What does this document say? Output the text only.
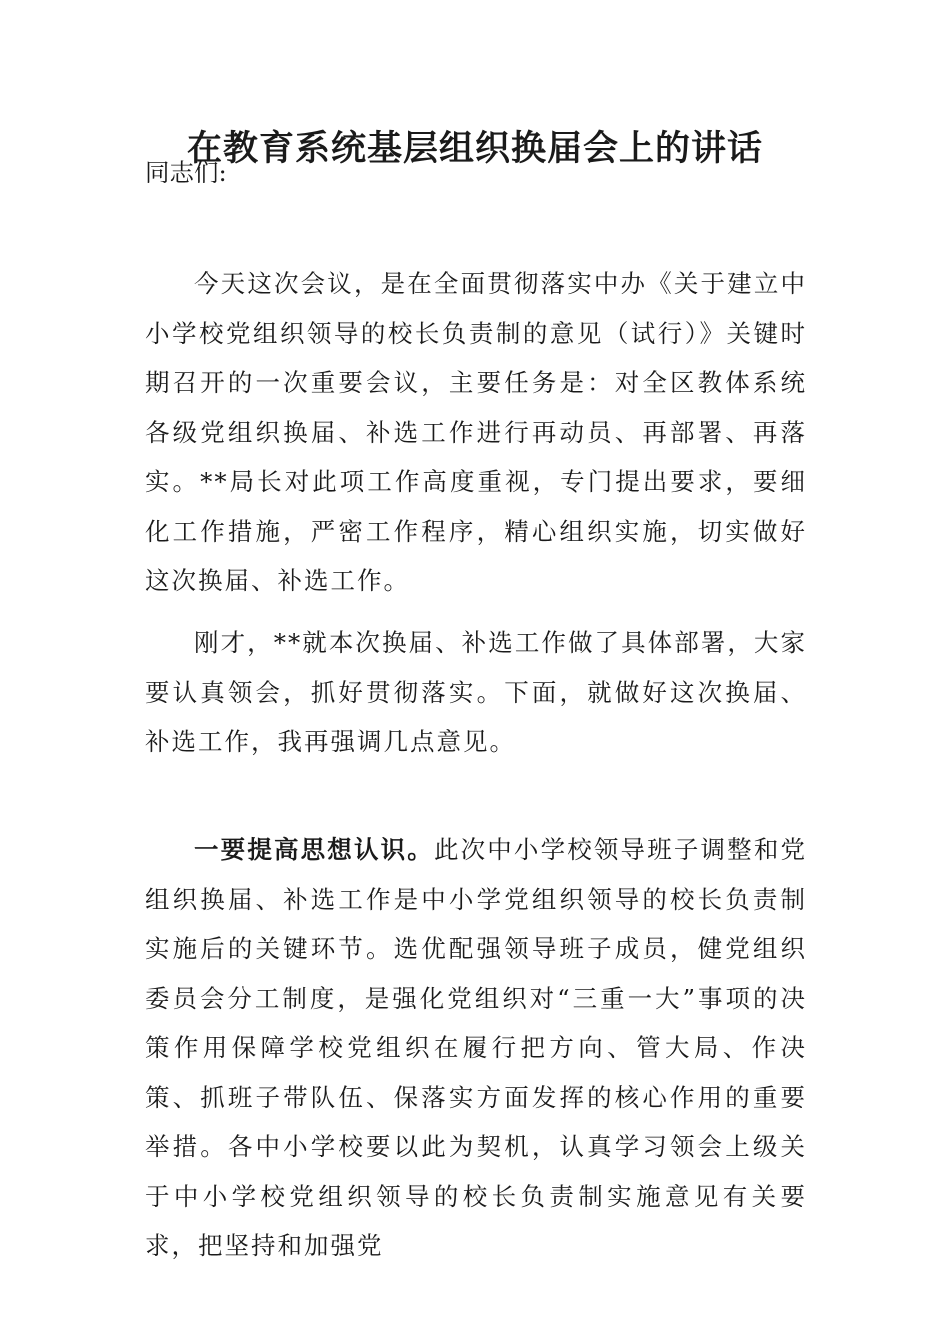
在教育系统基层组织换届会上的讲话

同志们:

今天这次会议，是在全面贯彻落实中办《关于建立中小学校党组织领导的校长负责制的意见（试行）》关键时期召开的一次重要会议，主要任务是：对全区教体系统各级党组织换届、补选工作进行再动员、再部署、再落实。**局长对此项工作高度重视，专门提出要求，要细化工作措施，严密工作程序，精心组织实施，切实做好这次换届、补选工作。

刚才，**就本次换届、补选工作做了具体部署，大家要认真领会，抓好贯彻落实。下面，就做好这次换届、补选工作，我再强调几点意见。

一要提高思想认识。此次中小学校领导班子调整和党组织换届、补选工作是中小学党组织领导的校长负责制实施后的关键环节。选优配强领导班子成员，健党组织委员会分工制度，是强化党组织对“三重一大”事项的决策作用保障学校党组织在履行把方向、管大局、作决策、抓班子带队伍、保落实方面发挥的核心作用的重要举措。各中小学校要以此为契机，认真学习领会上级关于中小学校党组织领导的校长负责制实施意见有关要求，把坚持和加强党
